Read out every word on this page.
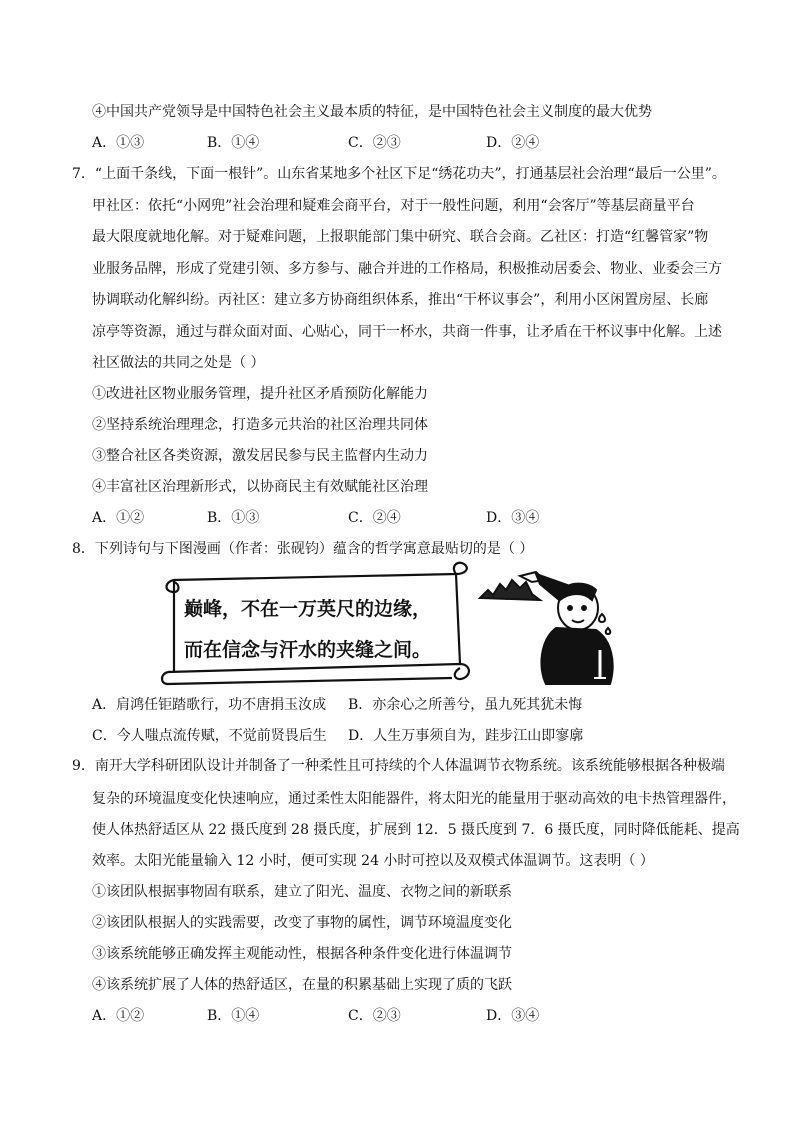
④中国共产党领导是中国特色社会主义最本质的特征，是中国特色社会主义制度的最大优势
A．①③	B．①④	C．②③	D．②④
7．“上面千条线，下面一根针”。山东省某地多个社区下足“绣花功夫”，打通基层社会治理“最后一公里”。
甲社区：依托“小网兜”社会治理和疑难会商平台，对于一般性问题，利用“会客厅”等基层商量平台
最大限度就地化解。对于疑难问题，上报职能部门集中研究、联合会商。乙社区：打造“红馨管家”物
业服务品牌，形成了党建引领、多方参与、融合并进的工作格局，积极推动居委会、物业、业委会三方
协调联动化解纠纷。丙社区：建立多方协商组织体系，推出“干杯议事会”，利用小区闲置房屋、长廊
凉亭等资源，通过与群众面对面、心贴心，同干一杯水，共商一件事，让矛盾在干杯议事中化解。上述
社区做法的共同之处是（ ）
①改进社区物业服务管理，提升社区矛盾预防化解能力
②坚持系统治理理念，打造多元共治的社区治理共同体
③整合社区各类资源，激发居民参与民主监督内生动力
④丰富社区治理新形式，以协商民主有效赋能社区治理
A．①②	B．①③	C．②④	D．③④
8．下列诗句与下图漫画（作者：张砚钧）蕴含的哲学寓意最贴切的是（ ）
巅峰，不在一万英尺的边缘，
而在信念与汗水的夹缝之间。
A．肩鸿任钜踏歌行，功不唐捐玉汝成 B．亦余心之所善兮，虽九死其犹未悔
C．今人嗤点流传赋，不觉前贤畏后生 D．人生万事须自为，跬步江山即寥廓
9．南开大学科研团队设计并制备了一种柔性且可持续的个人体温调节衣物系统。该系统能够根据各种极端
复杂的环境温度变化快速响应，通过柔性太阳能器件，将太阳光的能量用于驱动高效的电卡热管理器件，
使人体热舒适区从 22 摄氏度到 28 摄氏度，扩展到 12．5 摄氏度到 7．6 摄氏度，同时降低能耗、提高
效率。太阳光能量输入 12 小时，便可实现 24 小时可控以及双模式体温调节。这表明（ ）
①该团队根据事物固有联系，建立了阳光、温度、衣物之间的新联系
②该团队根据人的实践需要，改变了事物的属性，调节环境温度变化
③该系统能够正确发挥主观能动性，根据各种条件变化进行体温调节
④该系统扩展了人体的热舒适区，在量的积累基础上实现了质的飞跃
A．①②	B．①④	C．②③	D．③④
